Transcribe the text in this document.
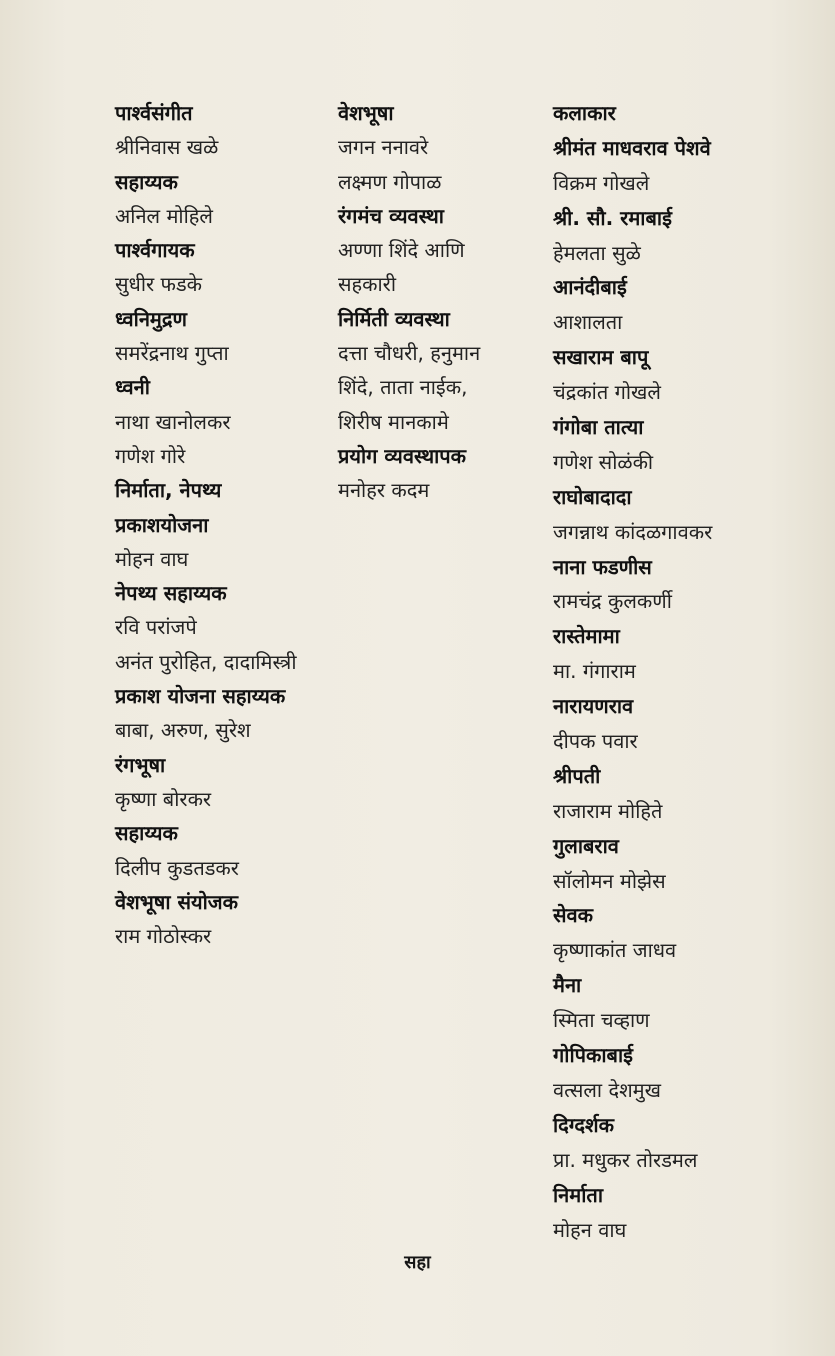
पार्श्वसंगीत
श्रीनिवास खळे
सहाय्यक
अनिल मोहिले
पार्श्वगायक
सुधीर फडके
ध्वनिमुद्रण
समरेंद्रनाथ गुप्ता
ध्वनी
नाथा खानोलकर
गणेश गोरे
निर्माता, नेपथ्य
प्रकाशयोजना
मोहन वाघ
नेपथ्य सहाय्यक
रवि परांजपे
अनंत पुरोहित, दादामिस्त्री
प्रकाश योजना सहाय्यक
बाबा, अरुण, सुरेश
रंगभूषा
कृष्णा बोरकर
सहाय्यक
दिलीप कुडतडकर
वेशभूषा संयोजक
राम गोठोस्कर
वेशभूषा
जगन ननावरे
लक्ष्मण गोपाळ
रंगमंच व्यवस्था
अण्णा शिंदे आणि
सहकारी
निर्मिती व्यवस्था
दत्ता चौधरी, हनुमान
शिंदे, ताता नाईक,
शिरीष मानकामे
प्रयोग व्यवस्थापक
मनोहर कदम
कलाकार
श्रीमंत माधवराव पेशवे
विक्रम गोखले
श्री. सौ. रमाबाई
हेमलता सुळे
आनंदीबाई
आशालता
सखाराम बापू
चंद्रकांत गोखले
गंगोबा तात्या
गणेश सोळंकी
राघोबादादा
जगन्नाथ कांदळगावकर
नाना फडणीस
रामचंद्र कुलकर्णी
रास्तेमामा
मा. गंगाराम
नारायणराव
दीपक पवार
श्रीपती
राजाराम मोहिते
गुलाबराव
सॉलोमन मोझेस
सेवक
कृष्णाकांत जाधव
मैना
स्मिता चव्हाण
गोपिकाबाई
वत्सला देशमुख
दिग्दर्शक
प्रा. मधुकर तोरडमल
निर्माता
मोहन वाघ
सहा
